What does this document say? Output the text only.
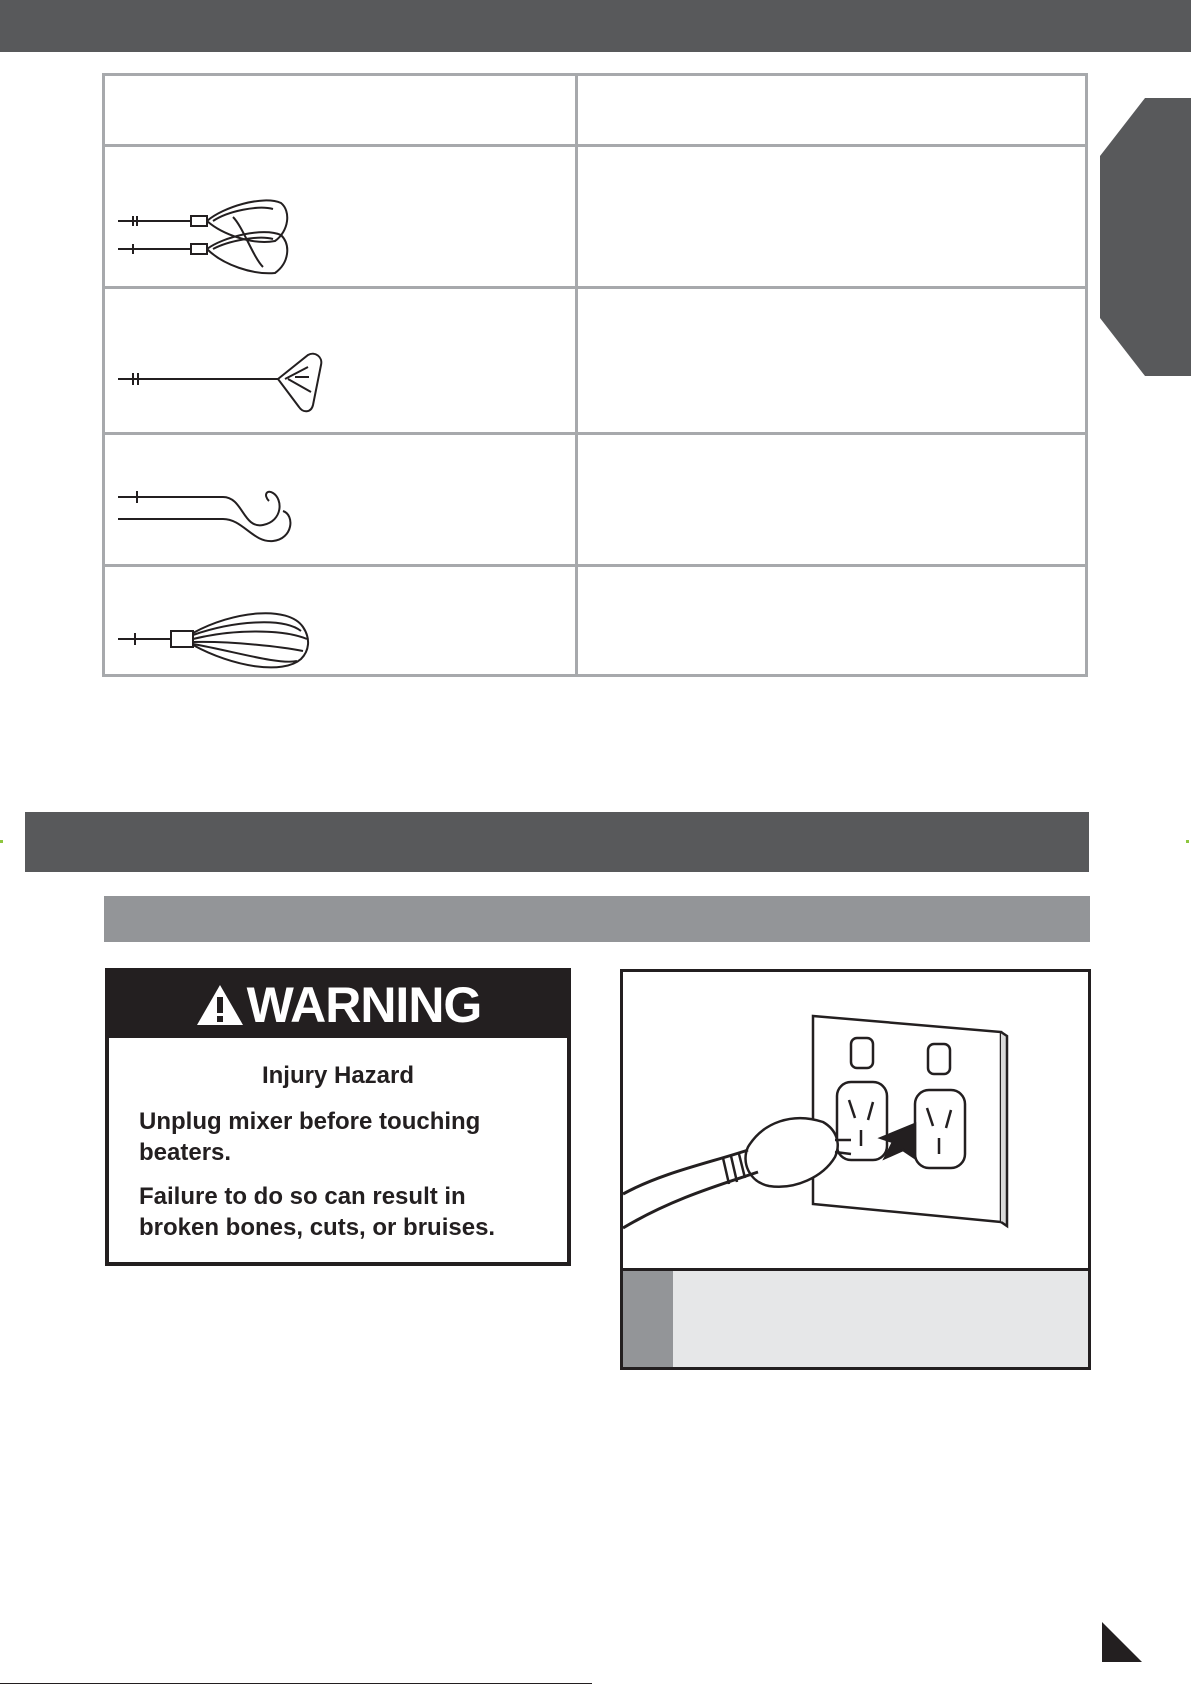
WARNING
Injury Hazard
Unplug mixer before touching beaters.
Failure to do so can result in broken bones, cuts, or bruises.
